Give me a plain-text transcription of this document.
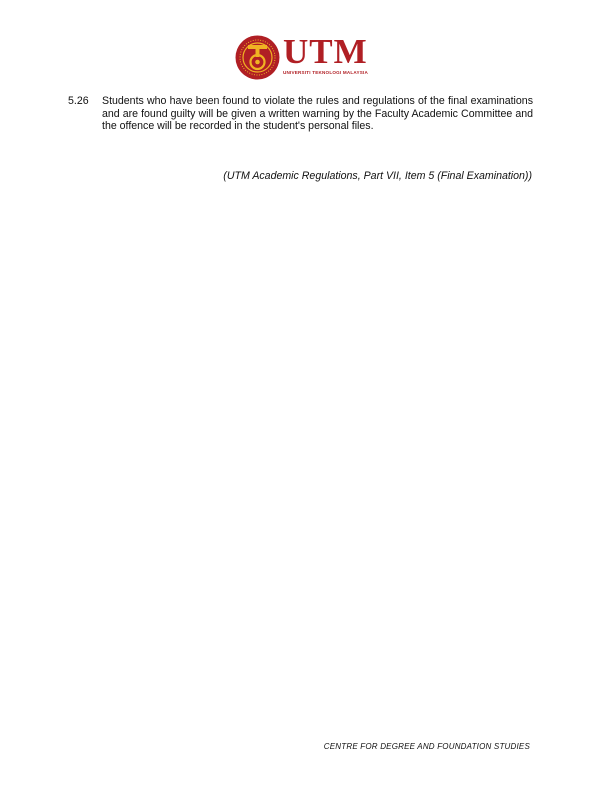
UTM
UNIVERSITI TEKNOLOGI MALAYSIA
5.26	Students who have been found to violate the rules and regulations of the final examinations and are found guilty will be given a written warning by the Faculty Academic Committee and the offence will be recorded in the student's personal files.
(UTM Academic Regulations, Part VII, Item 5 (Final Examination))
CENTRE FOR DEGREE AND FOUNDATION STUDIES
